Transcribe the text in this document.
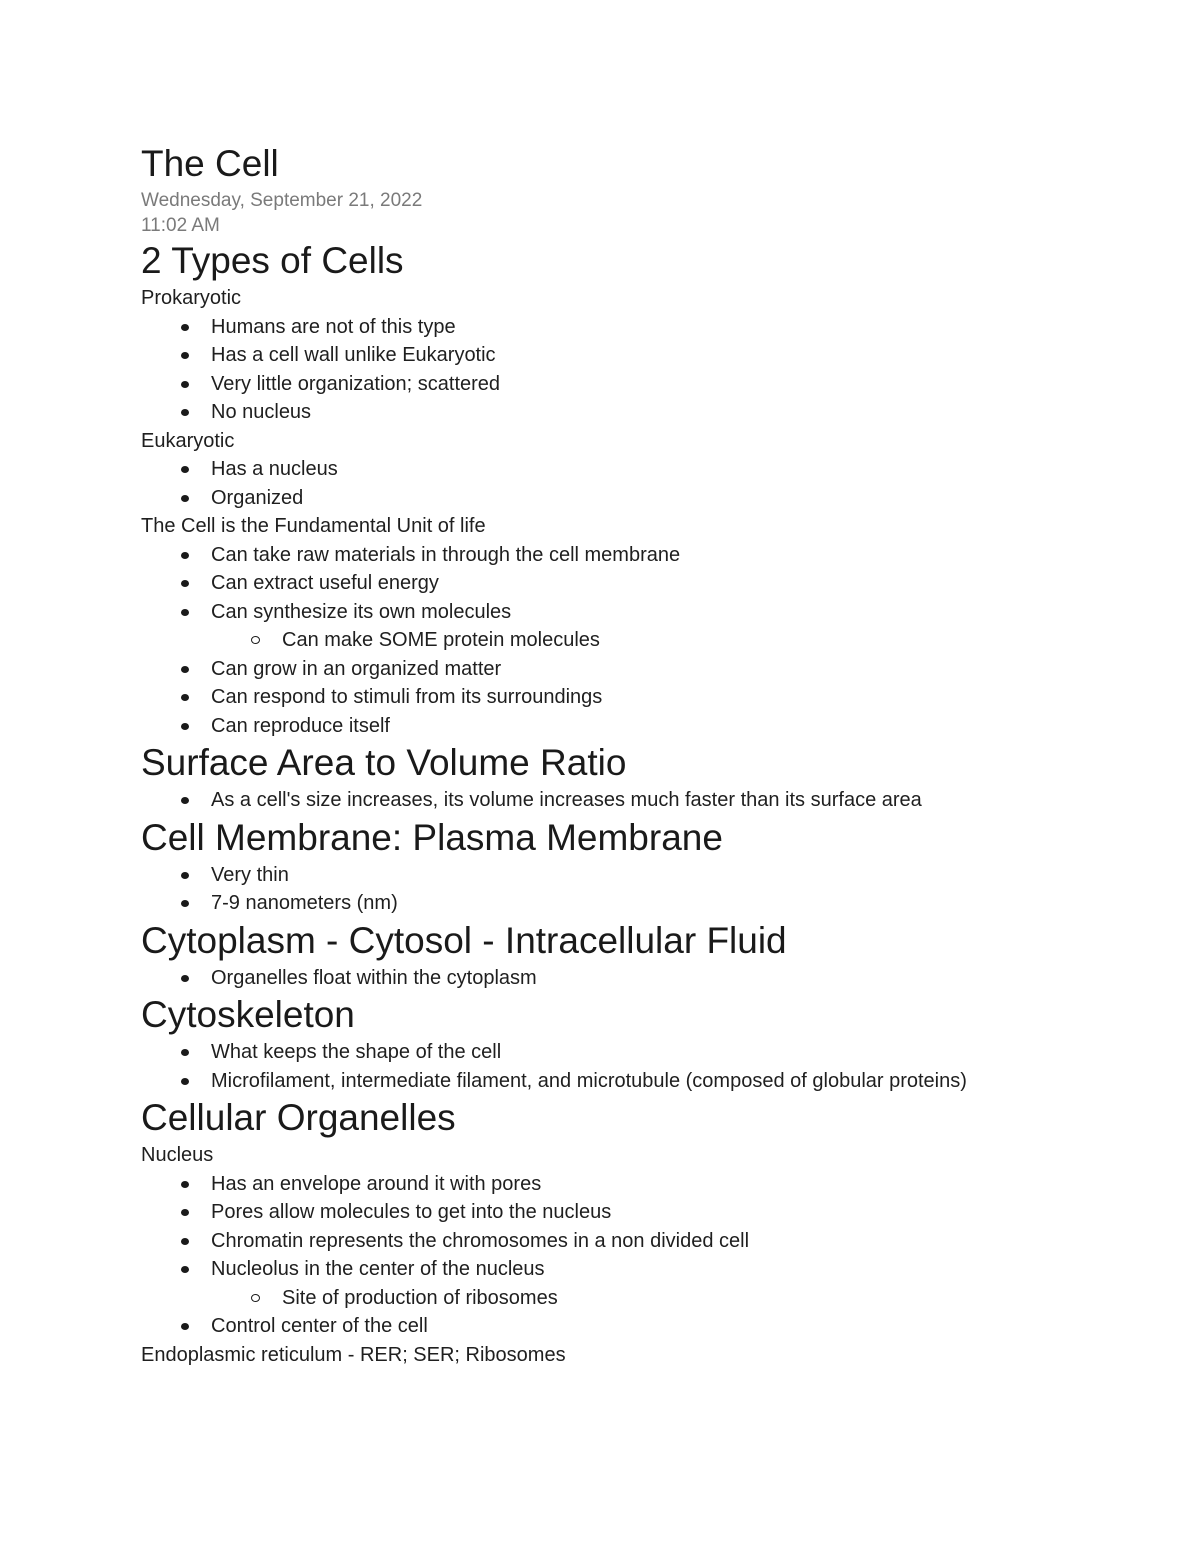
The Cell
Wednesday, September 21, 2022
11:02 AM
2 Types of Cells
Prokaryotic
Humans are not of this type
Has a cell wall unlike Eukaryotic
Very little organization; scattered
No nucleus
Eukaryotic
Has a nucleus
Organized
The Cell is the Fundamental Unit of life
Can take raw materials in through the cell membrane
Can extract useful energy
Can synthesize its own molecules
Can make SOME protein molecules
Can grow in an organized matter
Can respond to stimuli from its surroundings
Can reproduce itself
Surface Area to Volume Ratio
As a cell's size increases, its volume increases much faster than its surface area
Cell Membrane: Plasma Membrane
Very thin
7-9 nanometers (nm)
Cytoplasm - Cytosol - Intracellular Fluid
Organelles float within the cytoplasm
Cytoskeleton
What keeps the shape of the cell
Microfilament, intermediate filament, and microtubule (composed of globular proteins)
Cellular Organelles
Nucleus
Has an envelope around it with pores
Pores allow molecules to get into the nucleus
Chromatin represents the chromosomes in a non divided cell
Nucleolus in the center of the nucleus
Site of production of ribosomes
Control center of the cell
Endoplasmic reticulum - RER; SER; Ribosomes
